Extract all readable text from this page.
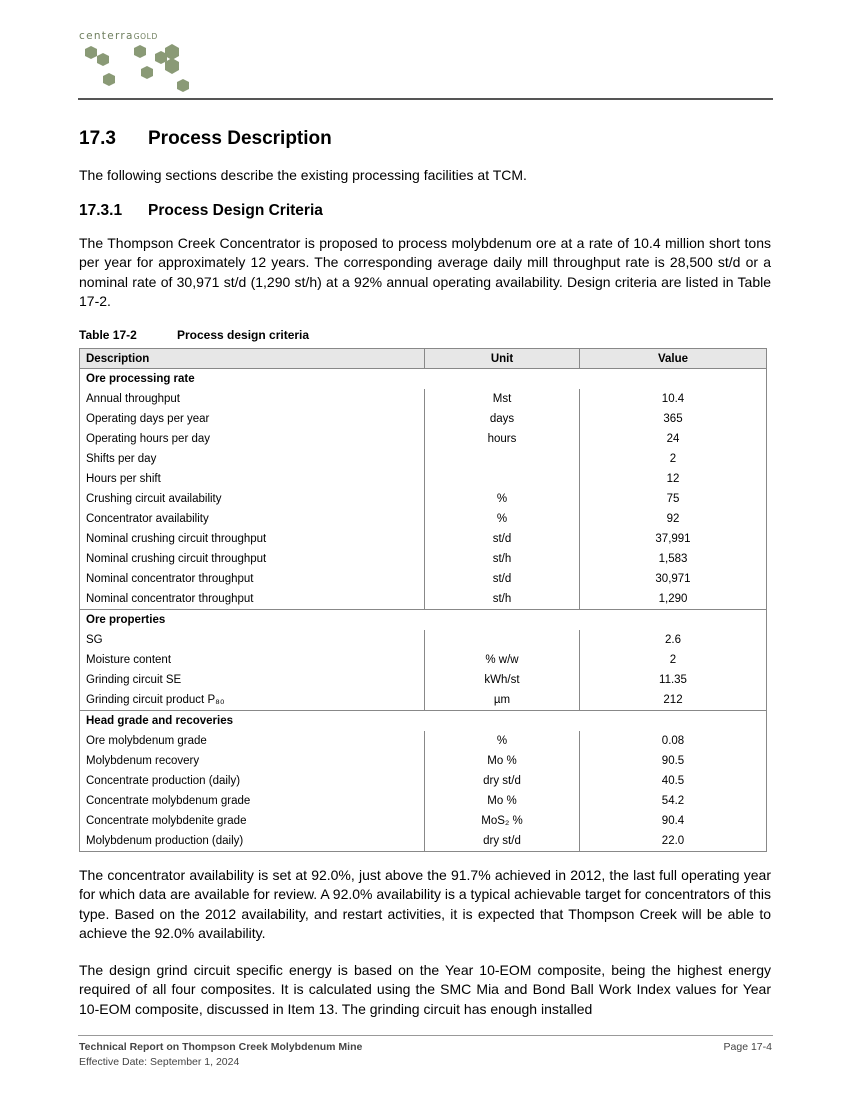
centerraGOLD
17.3 Process Description

The following sections describe the existing processing facilities at TCM.

17.3.1 Process Design Criteria

The Thompson Creek Concentrator is proposed to process molybdenum ore at a rate of 10.4 million short tons per year for approximately 12 years. The corresponding average daily mill throughput rate is 28,500 st/d or a nominal rate of 30,971 st/d (1,290 st/h) at a 92% annual operating availability. Design criteria are listed in Table 17-2.

Table 17-2	Process design criteria
Description	Unit	Value
Ore processing rate		
Annual throughput	Mst	10.4
Operating days per year	days	365
Operating hours per day	hours	24
Shifts per day		2
Hours per shift		12
Crushing circuit availability	%	75
Concentrator availability	%	92
Nominal crushing circuit throughput	st/d	37,991
Nominal crushing circuit throughput	st/h	1,583
Nominal concentrator throughput	st/d	30,971
Nominal concentrator throughput	st/h	1,290
Ore properties		
SG		2.6
Moisture content	% w/w	2
Grinding circuit SE	kWh/st	11.35
Grinding circuit product P₈₀	µm	212
Head grade and recoveries		
Ore molybdenum grade	%	0.08
Molybdenum recovery	Mo %	90.5
Concentrate production (daily)	dry st/d	40.5
Concentrate molybdenum grade	Mo %	54.2
Concentrate molybdenite grade	MoS₂ %	90.4
Molybdenum production (daily)	dry st/d	22.0

The concentrator availability is set at 92.0%, just above the 91.7% achieved in 2012, the last full operating year for which data are available for review. A 92.0% availability is a typical achievable target for concentrators of this type. Based on the 2012 availability, and restart activities, it is expected that Thompson Creek will be able to achieve the 92.0% availability.

The design grind circuit specific energy is based on the Year 10-EOM composite, being the highest energy required of all four composites. It is calculated using the SMC Mia and Bond Ball Work Index values for Year 10-EOM composite, discussed in Item 13. The grinding circuit has enough installed

Technical Report on Thompson Creek Molybdenum Mine
Effective Date: September 1, 2024
Page 17-4
